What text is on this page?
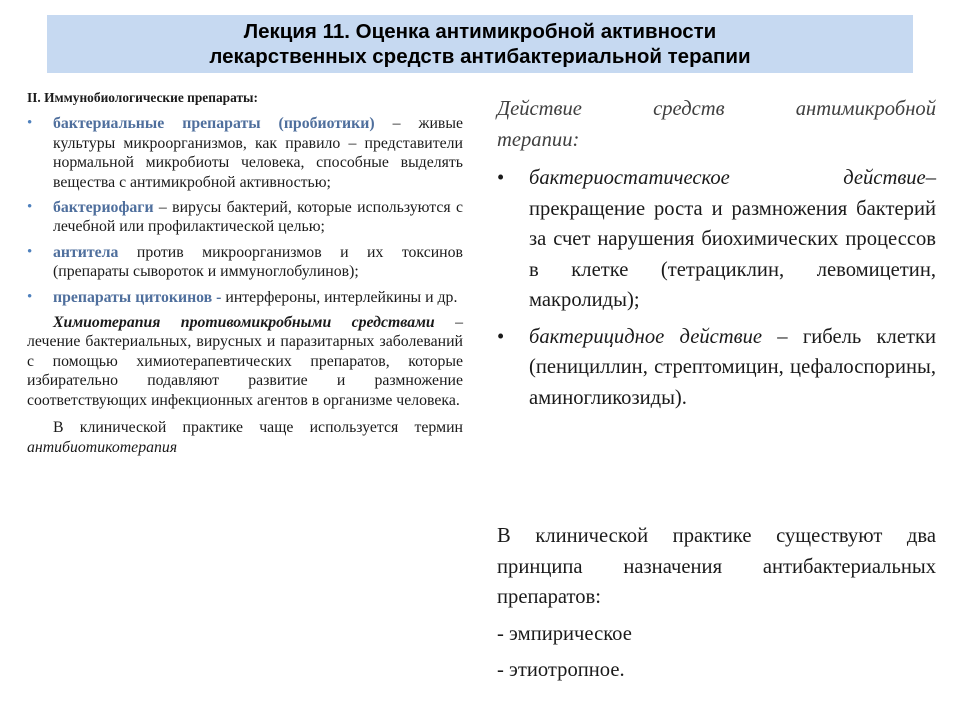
Лекция 11. Оценка антимикробной активности
лекарственных средств антибактериальной терапии
II. Иммунобиологические препараты:
• бактериальные препараты (пробиотики) – живые культуры микроорганизмов, как правило – представители нормальной микробиоты человека, способные выделять вещества с антимикробной активностью;
• бактериофаги – вирусы бактерий, которые используются с лечебной или профилактической целью;
• антитела против микроорганизмов и их токсинов (препараты сывороток и иммуноглобулинов);
• препараты цитокинов - интерфероны, интерлейкины и др.
Химиотерапия противомикробными средствами – лечение бактериальных, вирусных и паразитарных заболеваний с помощью химиотерапевтических препаратов, которые избирательно подавляют развитие и размножение соответствующих инфекционных агентов в организме человека.
В клинической практике чаще используется термин антибиотикотерапия
Действие средств антимикробной
терапии:
• бактериостатическое действие– прекращение роста и размножения бактерий за счет нарушения биохимических процессов в клетке (тетрациклин, левомицетин, макролиды);
• бактерицидное действие – гибель клетки (пенициллин, стрептомицин, цефалоспорины, аминогликозиды).

В клинической практике существуют два принципа назначения антибактериальных препаратов:

- эмпирическое

- этиотропное.
